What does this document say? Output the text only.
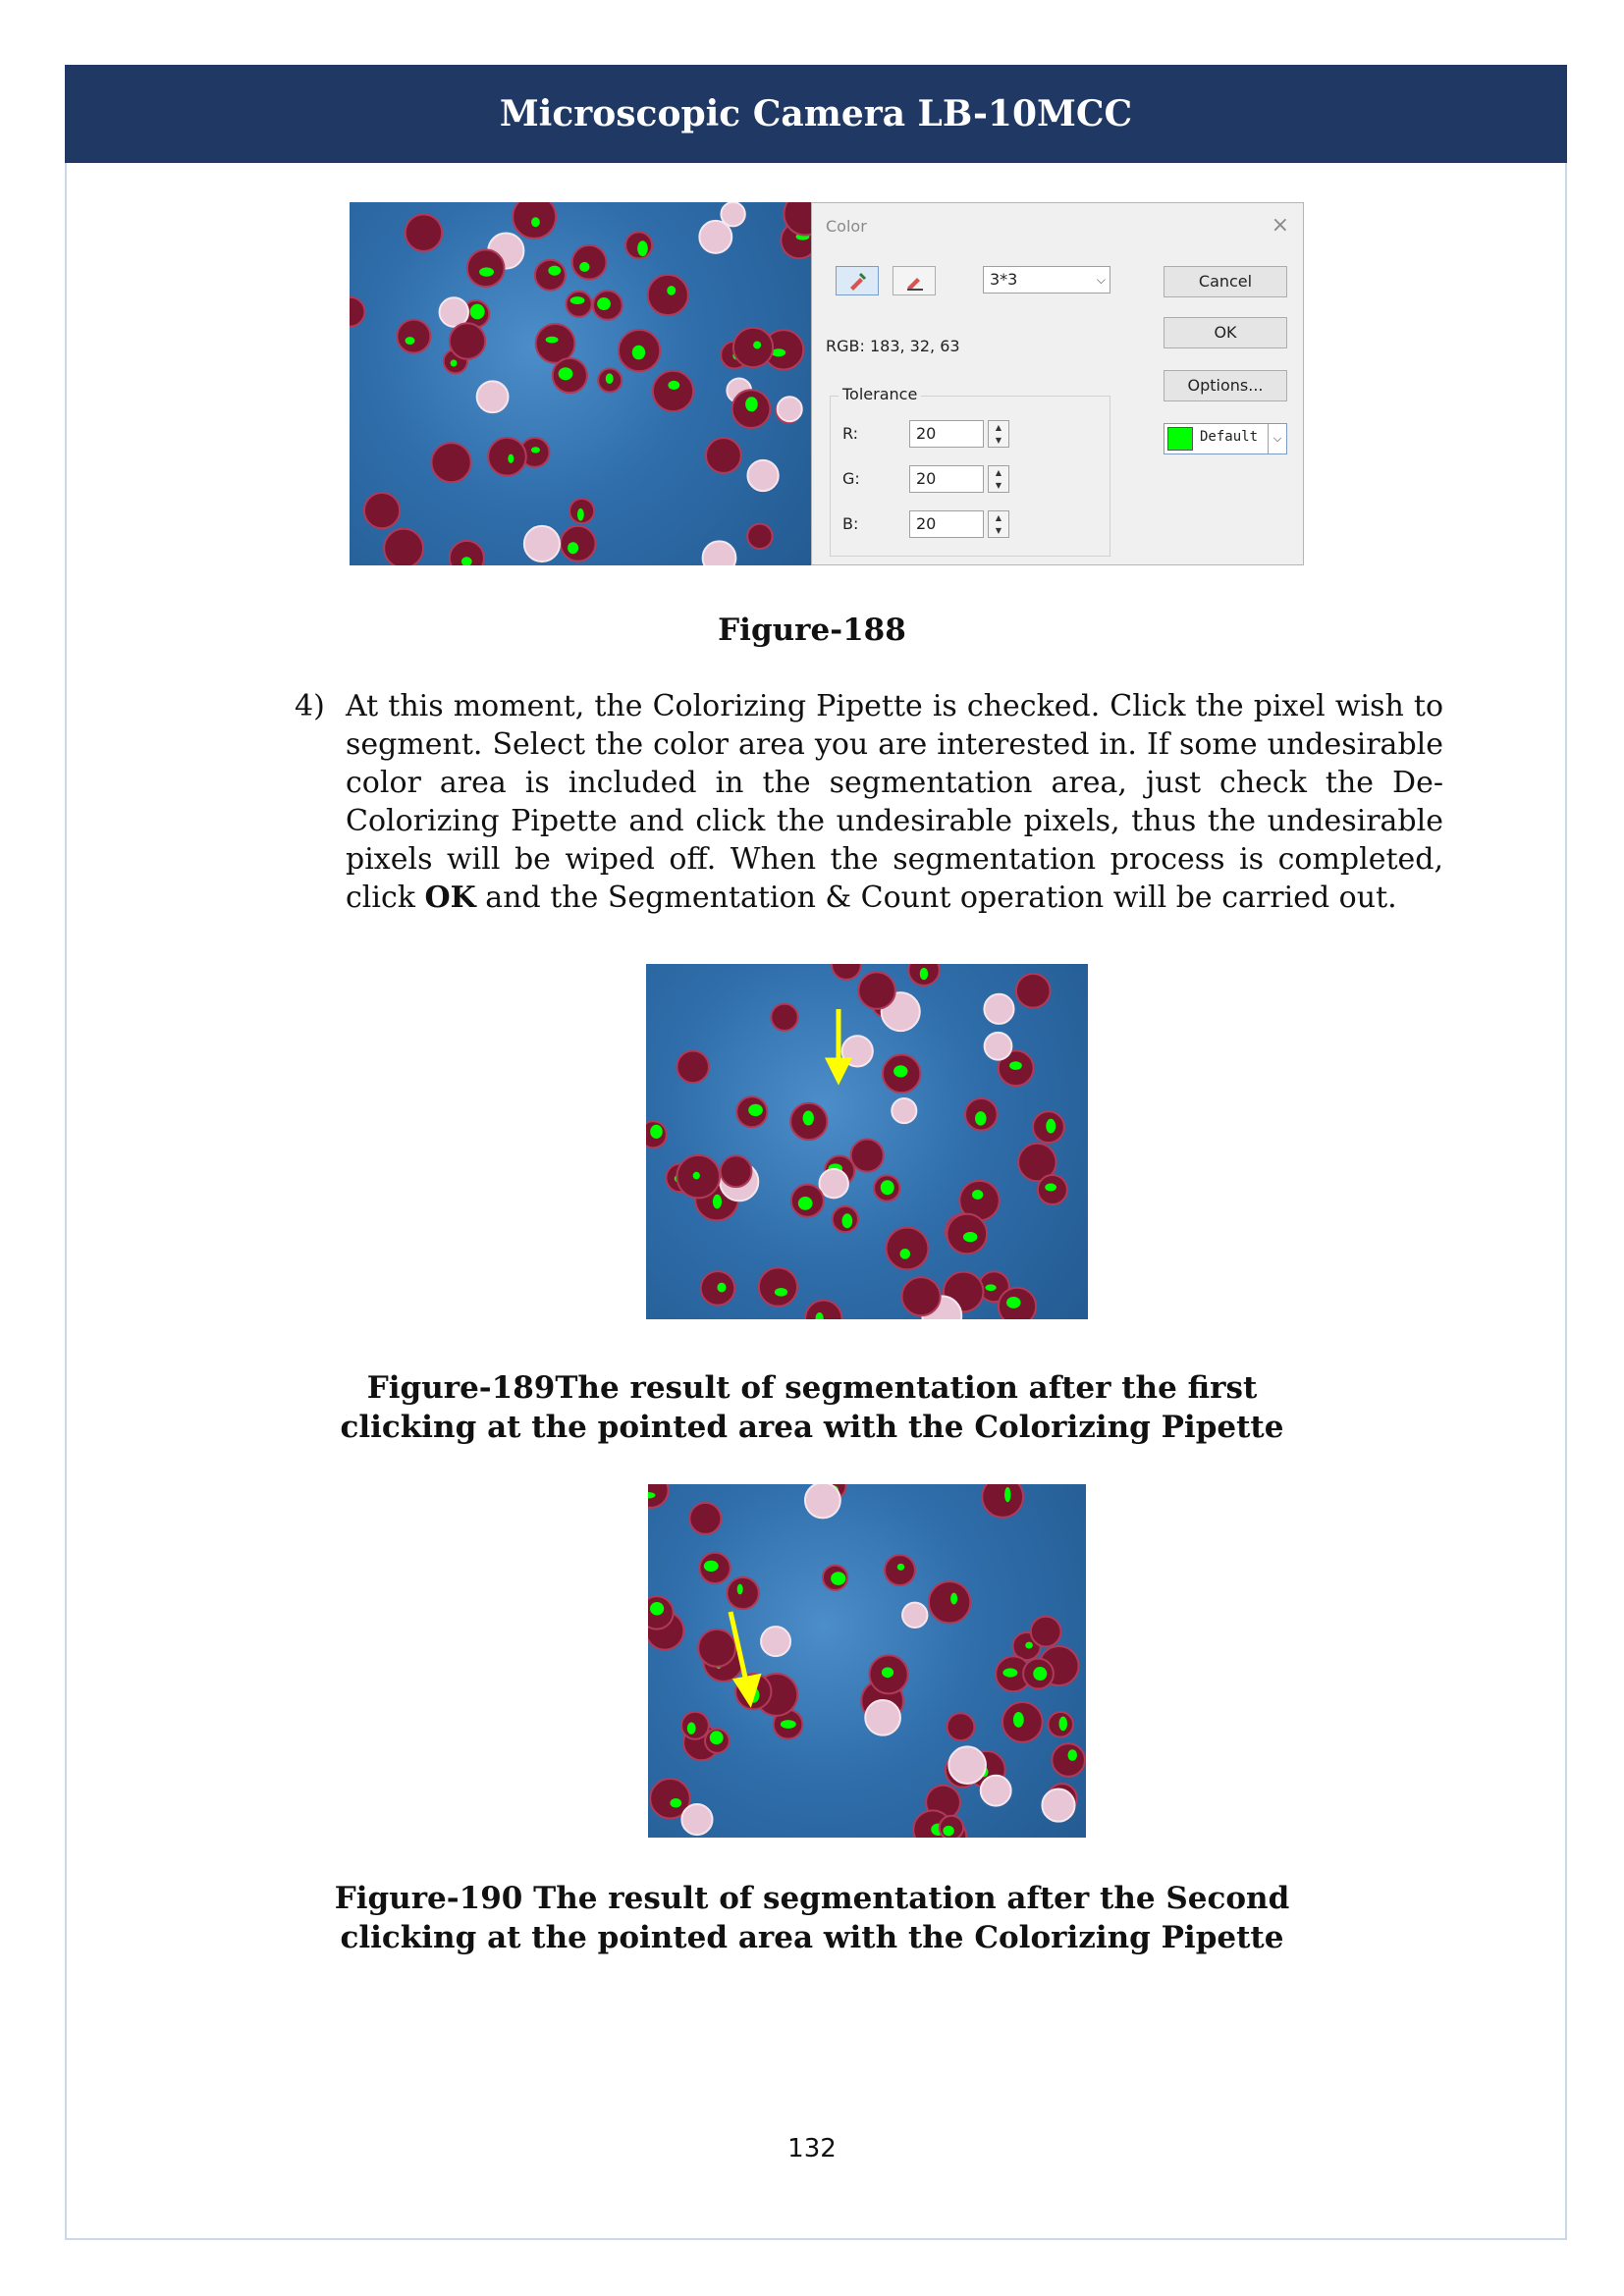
Microscopic Camera LB-10MCC
Color	×
3*3	⌵	Cancel
OK
Options...
RGB: 183, 32, 63
Tolerance
R:	20	▲
▼
G:	20	▲
▼
B:	20	▲
▼
Default	⌵
Figure-188
4) At this moment, the Colorizing Pipette is checked. Click the pixel wish to segment. Select the color area you are interested in. If some undesirable color area is included in the segmentation area, just check the De-Colorizing Pipette and click the undesirable pixels, thus the undesirable pixels will be wiped off. When the segmentation process is completed, click OK and the Segmentation & Count operation will be carried out.
Figure-189The result of segmentation after the first clicking at the pointed area with the Colorizing Pipette
Figure-190 The result of segmentation after the Second clicking at the pointed area with the Colorizing Pipette
132
